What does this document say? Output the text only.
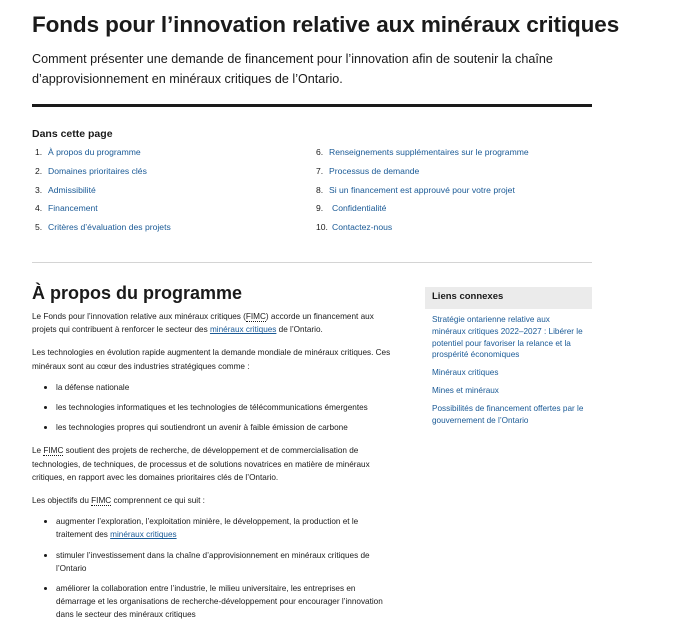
Fonds pour l’innovation relative aux minéraux critiques

Comment présenter une demande de financement pour l’innovation afin de soutenir la chaîne d’approvisionnement en minéraux critiques de l’Ontario.

Dans cette page
1. À propos du programme
2. Domaines prioritaires clés
3. Admissibilité
4. Financement
5. Critères d’évaluation des projets
6. Renseignements supplémentaires sur le programme
7. Processus de demande
8. Si un financement est approuvé pour votre projet
9.	Confidentialité
10. Contactez-nous
À propos du programme

Le Fonds pour l’innovation relative aux minéraux critiques (FIMC) accorde un financement aux projets qui contribuent à renforcer le secteur des minéraux critiques de l’Ontario.

Les technologies en évolution rapide augmentent la demande mondiale de minéraux critiques. Ces minéraux sont au cœur des industries stratégiques comme :

la défense nationale
les technologies informatiques et les technologies de télécommunications émergentes
les technologies propres qui soutiendront un avenir à faible émission de carbone

Le FIMC soutient des projets de recherche, de développement et de commercialisation de technologies, de techniques, de processus et de solutions novatrices en matière de minéraux critiques, en rapport avec les domaines prioritaires clés de l’Ontario.

Les objectifs du FIMC comprennent ce qui suit :

augmenter l’exploration, l’exploitation minière, le développement, la production et le traitement des minéraux critiques
stimuler l’investissement dans la chaîne d’approvisionnement en minéraux critiques de l’Ontario
améliorer la collaboration entre l’industrie, le milieu universitaire, les entreprises en démarrage et les organisations de recherche-développement pour encourager l’innovation dans le secteur des minéraux critiques
Liens connexes
Stratégie ontarienne relative aux minéraux critiques 2022–2027 : Libérer le potentiel pour favoriser la relance et la prospérité économiques
Minéraux critiques
Mines et minéraux
Possibilités de financement offertes par le gouvernement de l’Ontario
